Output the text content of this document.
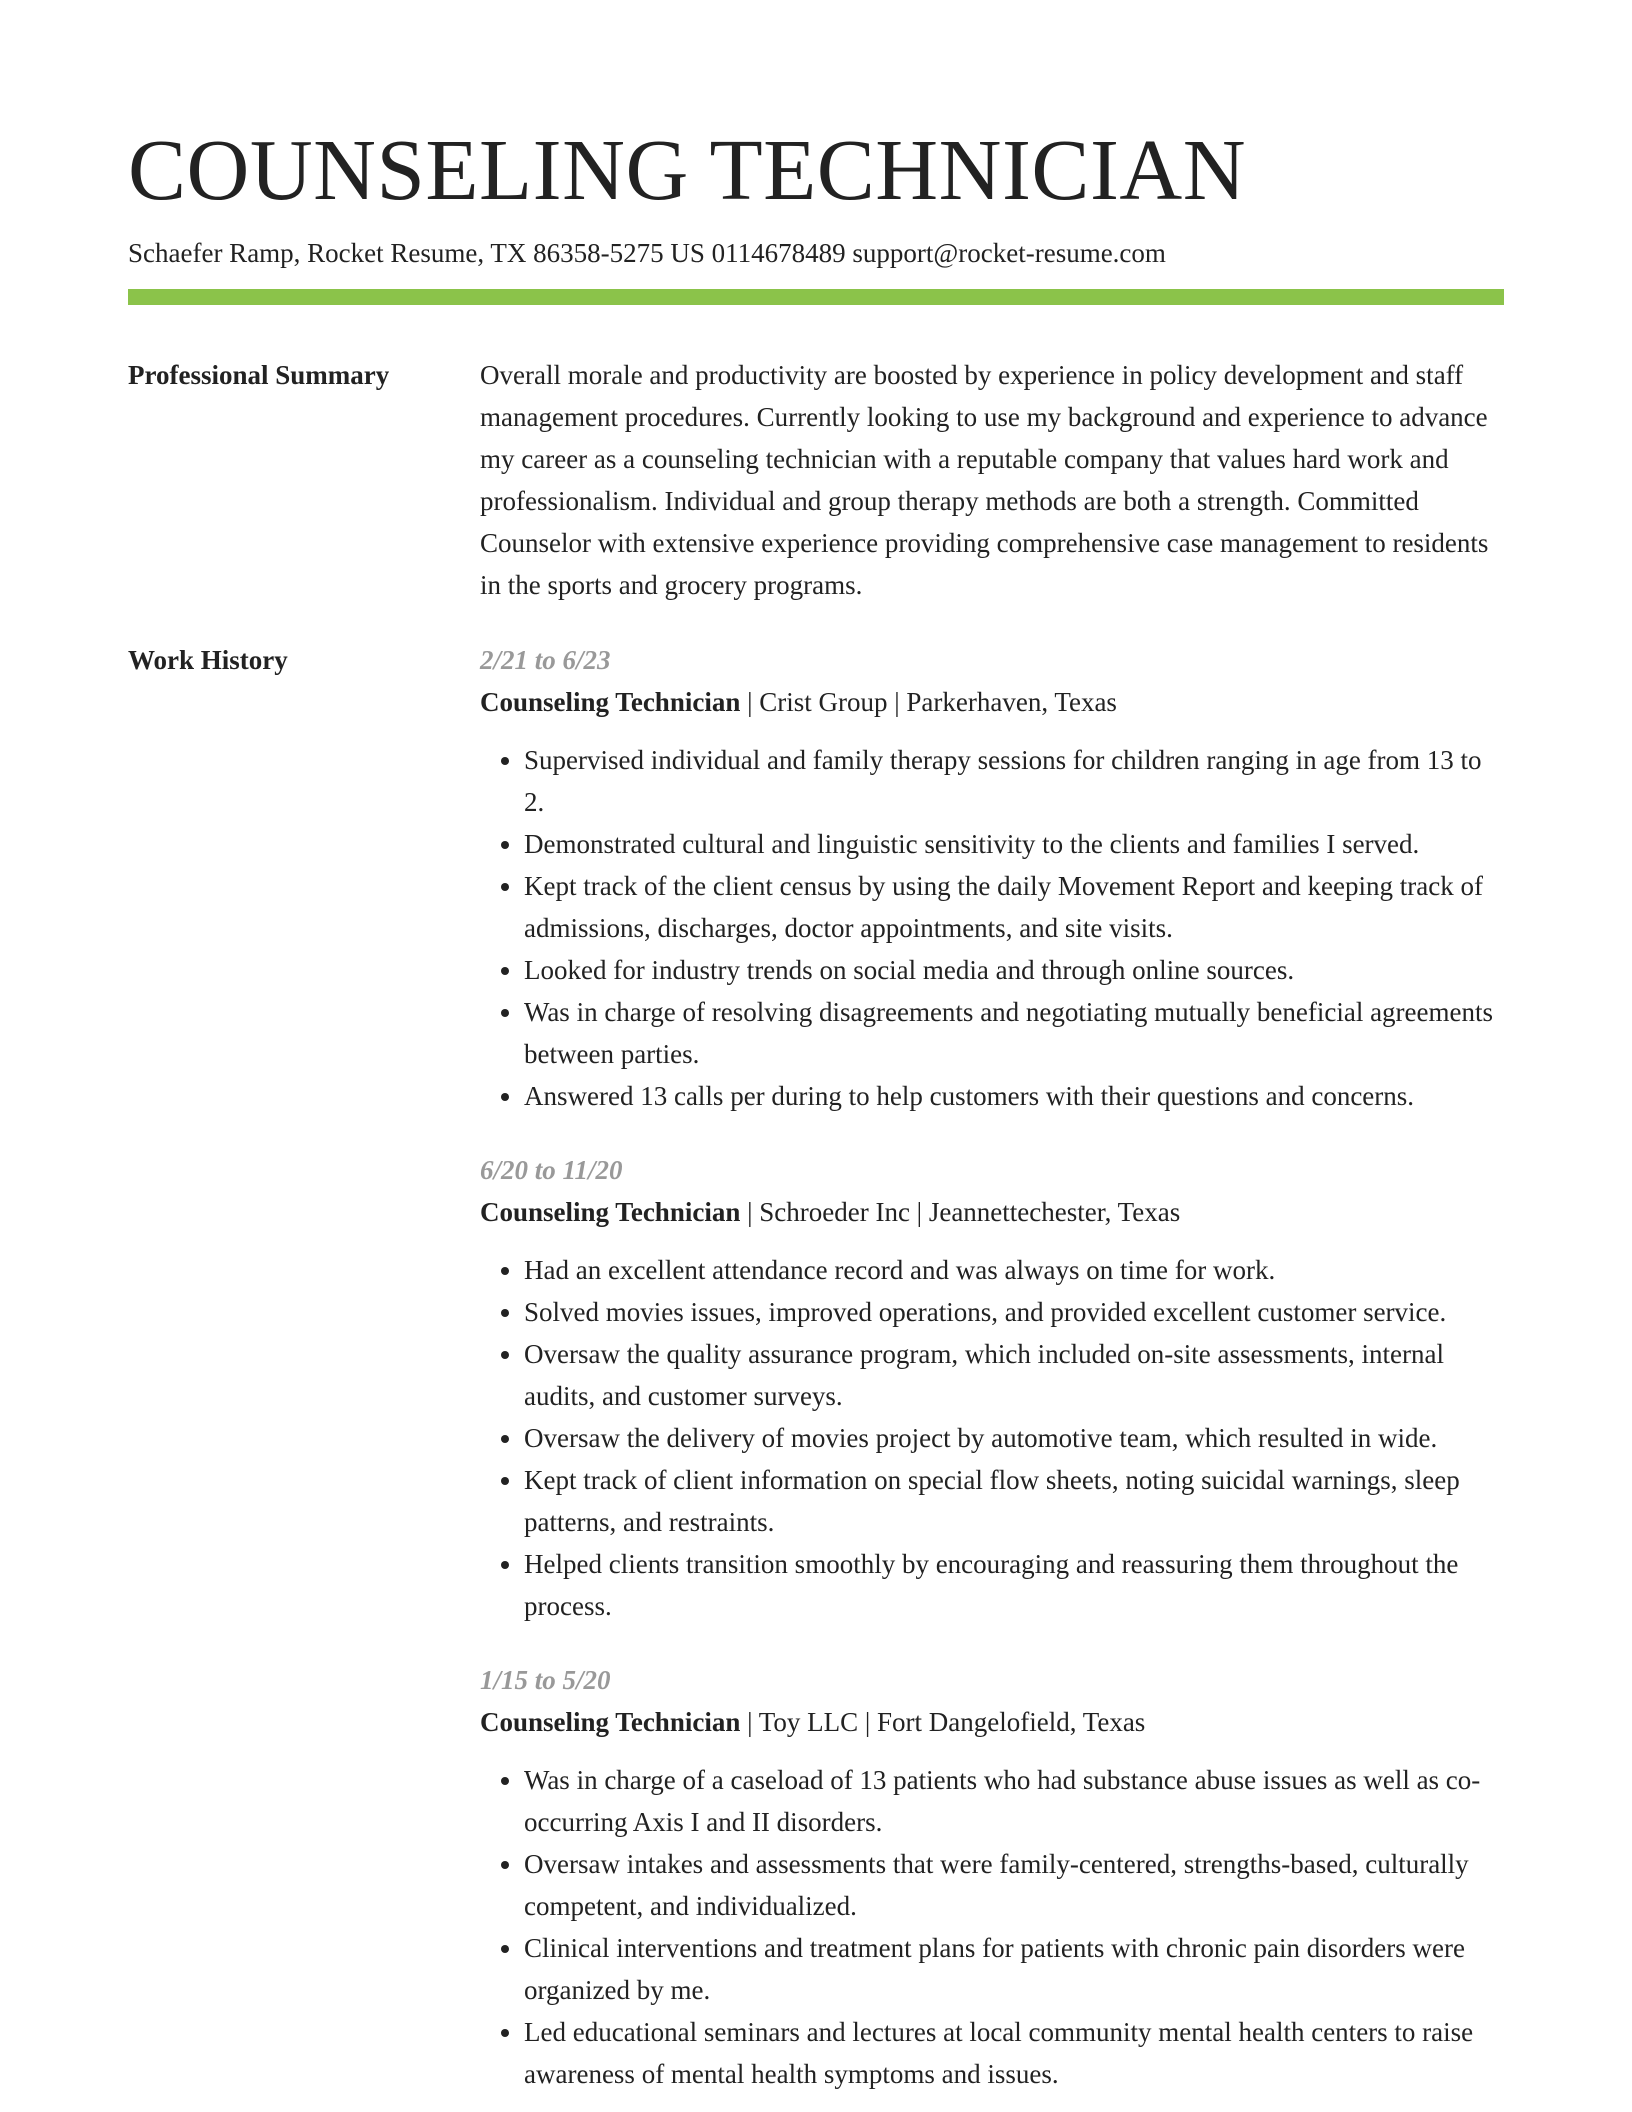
COUNSELING TECHNICIAN
Schaefer Ramp, Rocket Resume, TX 86358-5275 US 0114678489 support@rocket-resume.com
Professional Summary	Overall morale and productivity are boosted by experience in policy development and staff management procedures. Currently looking to use my background and experience to advance my career as a counseling technician with a reputable company that values hard work and professionalism. Individual and group therapy methods are both a strength. Committed Counselor with extensive experience providing comprehensive case management to residents in the sports and grocery programs.

Work History	2/21 to 6/23
Counseling Technician | Crist Group | Parkerhaven, Texas
• Supervised individual and family therapy sessions for children ranging in age from 13 to 2.
• Demonstrated cultural and linguistic sensitivity to the clients and families I served.
• Kept track of the client census by using the daily Movement Report and keeping track of admissions, discharges, doctor appointments, and site visits.
• Looked for industry trends on social media and through online sources.
• Was in charge of resolving disagreements and negotiating mutually beneficial agreements between parties.
• Answered 13 calls per during to help customers with their questions and concerns.
6/20 to 11/20
Counseling Technician | Schroeder Inc | Jeannettechester, Texas
• Had an excellent attendance record and was always on time for work.
• Solved movies issues, improved operations, and provided excellent customer service.
• Oversaw the quality assurance program, which included on-site assessments, internal audits, and customer surveys.
• Oversaw the delivery of movies project by automotive team, which resulted in wide.
• Kept track of client information on special flow sheets, noting suicidal warnings, sleep patterns, and restraints.
• Helped clients transition smoothly by encouraging and reassuring them throughout the process.
1/15 to 5/20
Counseling Technician | Toy LLC | Fort Dangelofield, Texas
• Was in charge of a caseload of 13 patients who had substance abuse issues as well as co-occurring Axis I and II disorders.
• Oversaw intakes and assessments that were family-centered, strengths-based, culturally competent, and individualized.
• Clinical interventions and treatment plans for patients with chronic pain disorders were organized by me.
• Led educational seminars and lectures at local community mental health centers to raise awareness of mental health symptoms and issues.
